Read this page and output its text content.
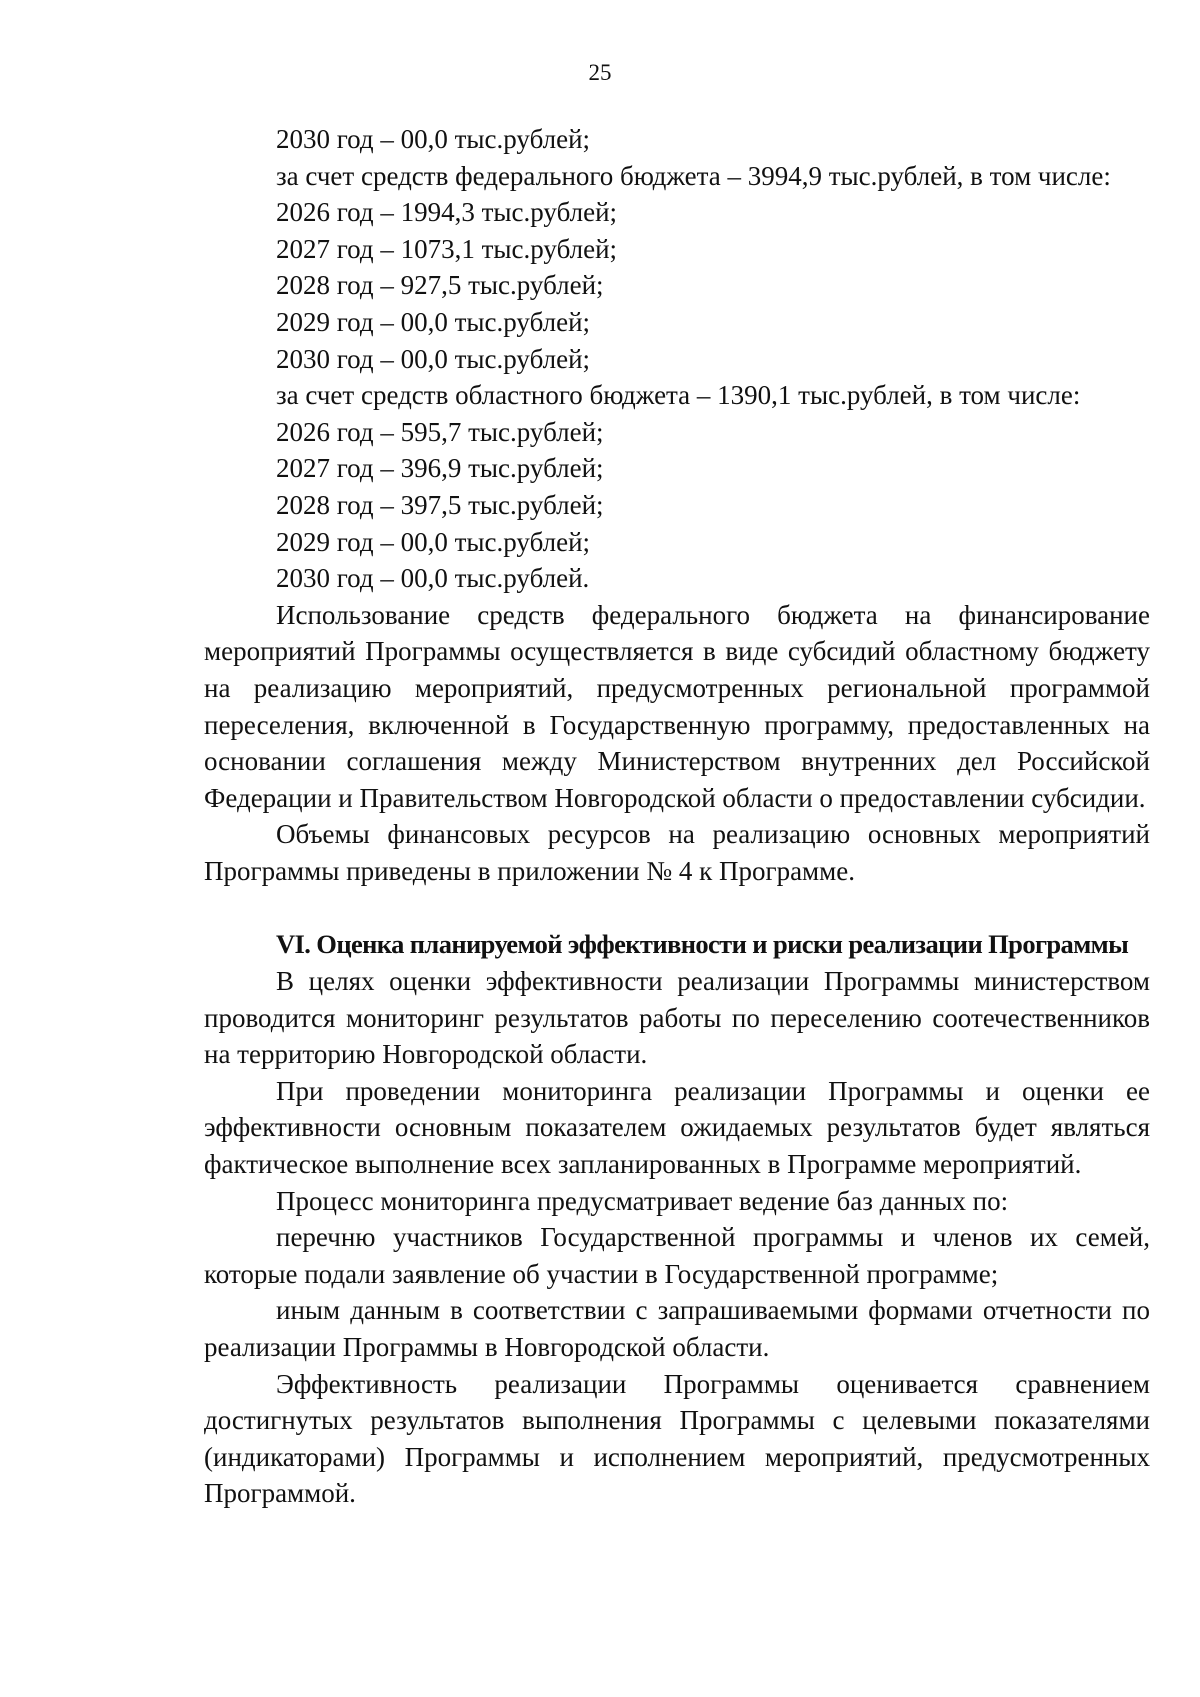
25

2030 год – 00,0 тыс.рублей;

за счет средств федерального бюджета – 3994,9 тыс.рублей, в том числе:

2026 год – 1994,3 тыс.рублей;

2027 год – 1073,1 тыс.рублей;

2028 год – 927,5 тыс.рублей;

2029 год – 00,0 тыс.рублей;

2030 год – 00,0 тыс.рублей;

за счет средств областного бюджета – 1390,1 тыс.рублей, в том числе:

2026 год – 595,7 тыс.рублей;

2027 год – 396,9 тыс.рублей;

2028 год – 397,5 тыс.рублей;

2029 год – 00,0 тыс.рублей;

2030 год – 00,0 тыс.рублей.

Использование средств федерального бюджета на финансирование мероприятий Программы осуществляется в виде субсидий областному бюджету на реализацию мероприятий, предусмотренных региональной программой переселения, включенной в Государственную программу, предоставленных на основании соглашения между Министерством внутренних дел Российской Федерации и Правительством Новгородской области о предоставлении субсидии.

Объемы финансовых ресурсов на реализацию основных мероприятий Программы приведены в приложении № 4 к Программе.

VI. Оценка планируемой эффективности и риски реализации Программы

В целях оценки эффективности реализации Программы министерством проводится мониторинг результатов работы по переселению соотечественников на территорию Новгородской области.

При проведении мониторинга реализации Программы и оценки ее эффективности основным показателем ожидаемых результатов будет являться фактическое выполнение всех запланированных в Программе мероприятий.

Процесс мониторинга предусматривает ведение баз данных по:

перечню участников Государственной программы и членов их семей, которые подали заявление об участии в Государственной программе;

иным данным в соответствии с запрашиваемыми формами отчетности по реализации Программы в Новгородской области.

Эффективность реализации Программы оценивается сравнением достигнутых результатов выполнения Программы с целевыми показателями (индикаторами) Программы и исполнением мероприятий, предусмотренных Программой.
